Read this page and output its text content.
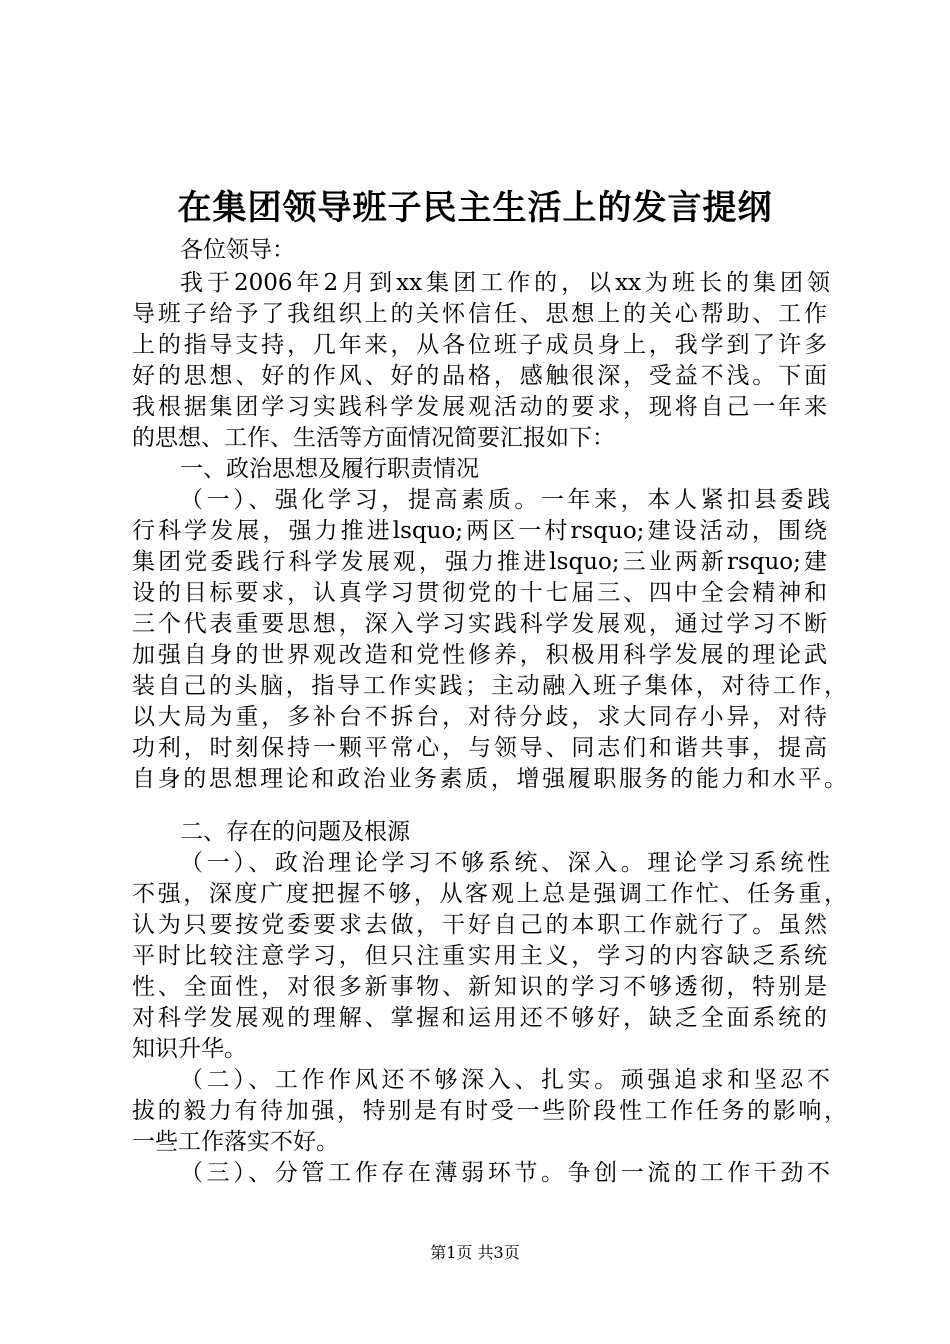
在集团领导班子民主生活上的发言提纲

各位领导：

我于2006年2月到xx集团工作的，以xx为班长的集团领

导班子给予了我组织上的关怀信任、思想上的关心帮助、工作

上的指导支持，几年来，从各位班子成员身上，我学到了许多

好的思想、好的作风、好的品格，感触很深，受益不浅。下面

我根据集团学习实践科学发展观活动的要求，现将自己一年来

的思想、工作、生活等方面情况简要汇报如下：

一、政治思想及履行职责情况

（一）、强化学习，提高素质。一年来，本人紧扣县委践

行科学发展，强力推进lsquo;两区一村rsquo;建设活动，围绕

集团党委践行科学发展观，强力推进lsquo;三业两新rsquo;建

设的目标要求，认真学习贯彻党的十七届三、四中全会精神和

三个代表重要思想，深入学习实践科学发展观，通过学习不断

加强自身的世界观改造和党性修养，积极用科学发展的理论武

装自己的头脑，指导工作实践；主动融入班子集体，对待工作，

以大局为重，多补台不拆台，对待分歧，求大同存小异，对待

功利，时刻保持一颗平常心，与领导、同志们和谐共事，提高

自身的思想理论和政治业务素质，增强履职服务的能力和水平。

二、存在的问题及根源

（一）、政治理论学习不够系统、深入。理论学习系统性

不强，深度广度把握不够，从客观上总是强调工作忙、任务重，

认为只要按党委要求去做，干好自己的本职工作就行了。虽然

平时比较注意学习，但只注重实用主义，学习的内容缺乏系统

性、全面性，对很多新事物、新知识的学习不够透彻，特别是

对科学发展观的理解、掌握和运用还不够好，缺乏全面系统的

知识升华。

（二）、工作作风还不够深入、扎实。顽强追求和坚忍不

拔的毅力有待加强，特别是有时受一些阶段性工作任务的影响，

一些工作落实不好。

（三）、分管工作存在薄弱环节。争创一流的工作干劲不

第1页 共3页
